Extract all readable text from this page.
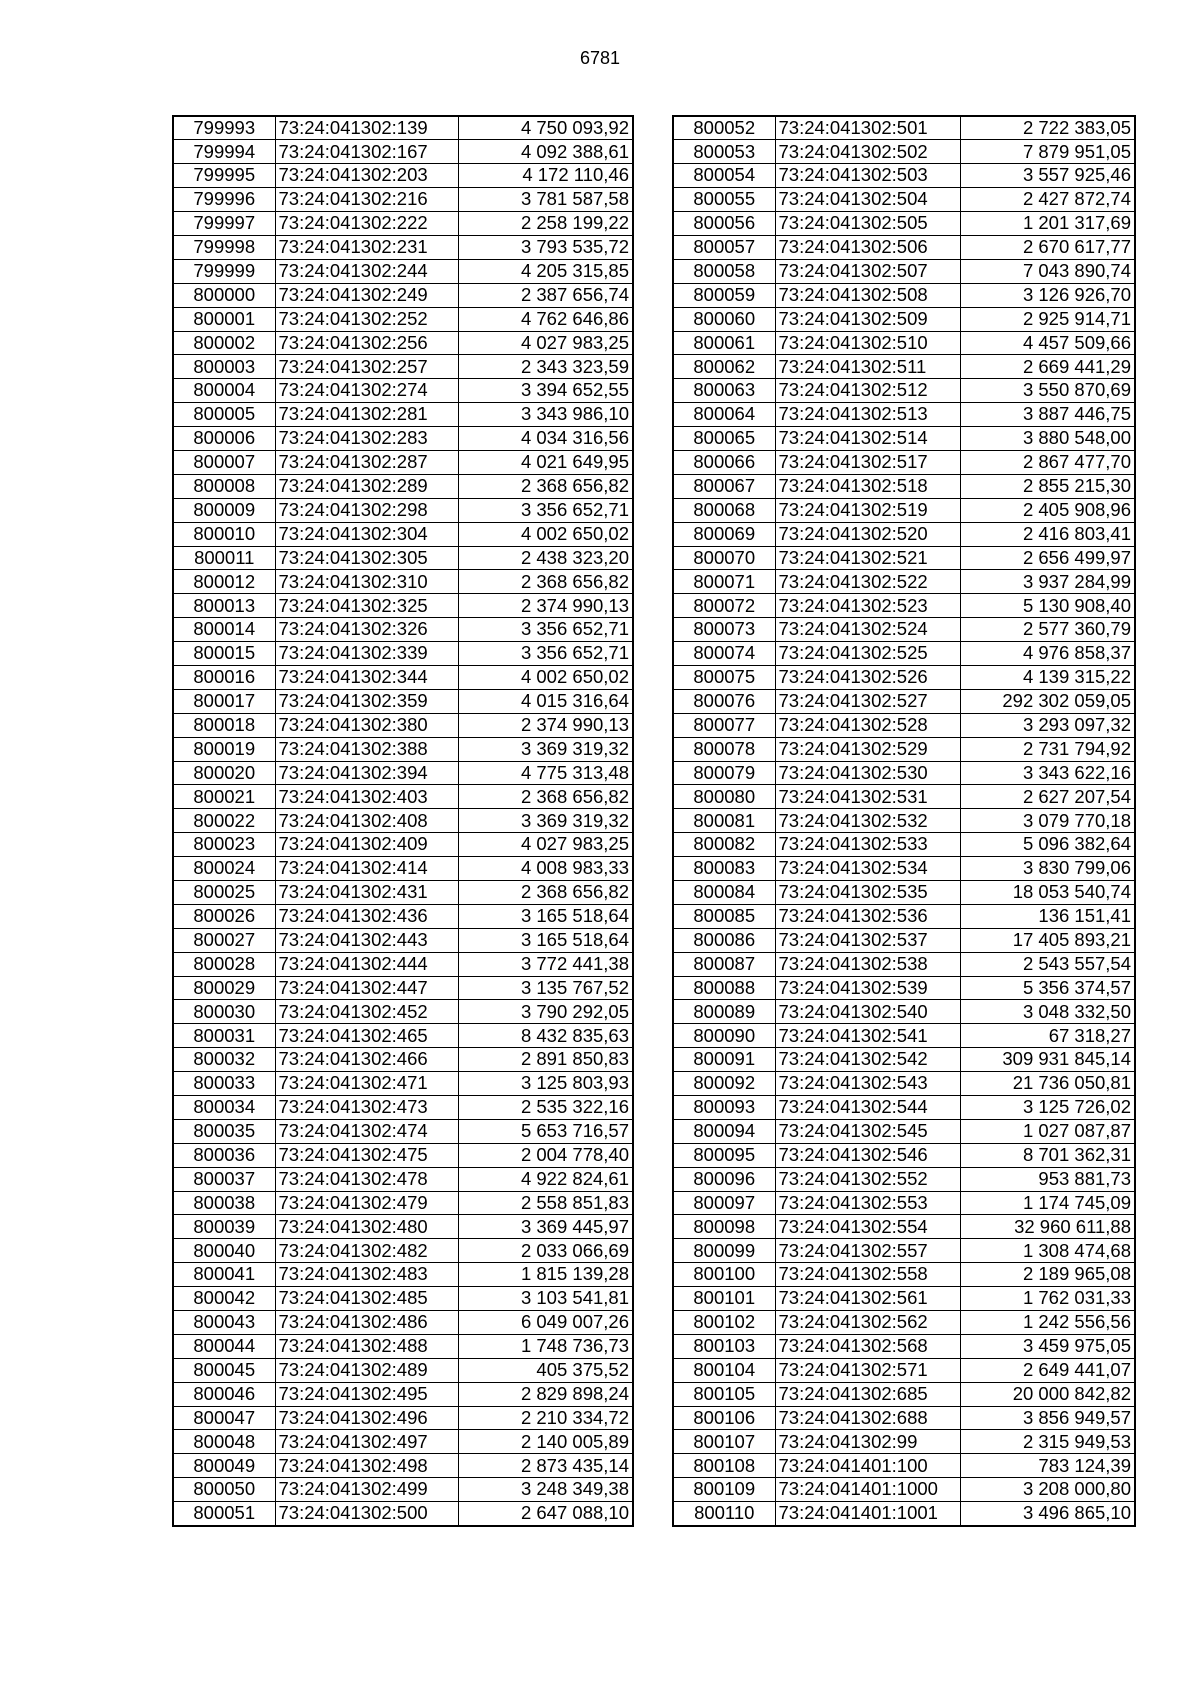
6781
799993	73:24:041302:139	4 750 093,92
799994	73:24:041302:167	4 092 388,61
799995	73:24:041302:203	4 172 110,46
799996	73:24:041302:216	3 781 587,58
799997	73:24:041302:222	2 258 199,22
799998	73:24:041302:231	3 793 535,72
799999	73:24:041302:244	4 205 315,85
800000	73:24:041302:249	2 387 656,74
800001	73:24:041302:252	4 762 646,86
800002	73:24:041302:256	4 027 983,25
800003	73:24:041302:257	2 343 323,59
800004	73:24:041302:274	3 394 652,55
800005	73:24:041302:281	3 343 986,10
800006	73:24:041302:283	4 034 316,56
800007	73:24:041302:287	4 021 649,95
800008	73:24:041302:289	2 368 656,82
800009	73:24:041302:298	3 356 652,71
800010	73:24:041302:304	4 002 650,02
800011	73:24:041302:305	2 438 323,20
800012	73:24:041302:310	2 368 656,82
800013	73:24:041302:325	2 374 990,13
800014	73:24:041302:326	3 356 652,71
800015	73:24:041302:339	3 356 652,71
800016	73:24:041302:344	4 002 650,02
800017	73:24:041302:359	4 015 316,64
800018	73:24:041302:380	2 374 990,13
800019	73:24:041302:388	3 369 319,32
800020	73:24:041302:394	4 775 313,48
800021	73:24:041302:403	2 368 656,82
800022	73:24:041302:408	3 369 319,32
800023	73:24:041302:409	4 027 983,25
800024	73:24:041302:414	4 008 983,33
800025	73:24:041302:431	2 368 656,82
800026	73:24:041302:436	3 165 518,64
800027	73:24:041302:443	3 165 518,64
800028	73:24:041302:444	3 772 441,38
800029	73:24:041302:447	3 135 767,52
800030	73:24:041302:452	3 790 292,05
800031	73:24:041302:465	8 432 835,63
800032	73:24:041302:466	2 891 850,83
800033	73:24:041302:471	3 125 803,93
800034	73:24:041302:473	2 535 322,16
800035	73:24:041302:474	5 653 716,57
800036	73:24:041302:475	2 004 778,40
800037	73:24:041302:478	4 922 824,61
800038	73:24:041302:479	2 558 851,83
800039	73:24:041302:480	3 369 445,97
800040	73:24:041302:482	2 033 066,69
800041	73:24:041302:483	1 815 139,28
800042	73:24:041302:485	3 103 541,81
800043	73:24:041302:486	6 049 007,26
800044	73:24:041302:488	1 748 736,73
800045	73:24:041302:489	405 375,52
800046	73:24:041302:495	2 829 898,24
800047	73:24:041302:496	2 210 334,72
800048	73:24:041302:497	2 140 005,89
800049	73:24:041302:498	2 873 435,14
800050	73:24:041302:499	3 248 349,38
800051	73:24:041302:500	2 647 088,10
800052	73:24:041302:501	2 722 383,05
800053	73:24:041302:502	7 879 951,05
800054	73:24:041302:503	3 557 925,46
800055	73:24:041302:504	2 427 872,74
800056	73:24:041302:505	1 201 317,69
800057	73:24:041302:506	2 670 617,77
800058	73:24:041302:507	7 043 890,74
800059	73:24:041302:508	3 126 926,70
800060	73:24:041302:509	2 925 914,71
800061	73:24:041302:510	4 457 509,66
800062	73:24:041302:511	2 669 441,29
800063	73:24:041302:512	3 550 870,69
800064	73:24:041302:513	3 887 446,75
800065	73:24:041302:514	3 880 548,00
800066	73:24:041302:517	2 867 477,70
800067	73:24:041302:518	2 855 215,30
800068	73:24:041302:519	2 405 908,96
800069	73:24:041302:520	2 416 803,41
800070	73:24:041302:521	2 656 499,97
800071	73:24:041302:522	3 937 284,99
800072	73:24:041302:523	5 130 908,40
800073	73:24:041302:524	2 577 360,79
800074	73:24:041302:525	4 976 858,37
800075	73:24:041302:526	4 139 315,22
800076	73:24:041302:527	292 302 059,05
800077	73:24:041302:528	3 293 097,32
800078	73:24:041302:529	2 731 794,92
800079	73:24:041302:530	3 343 622,16
800080	73:24:041302:531	2 627 207,54
800081	73:24:041302:532	3 079 770,18
800082	73:24:041302:533	5 096 382,64
800083	73:24:041302:534	3 830 799,06
800084	73:24:041302:535	18 053 540,74
800085	73:24:041302:536	136 151,41
800086	73:24:041302:537	17 405 893,21
800087	73:24:041302:538	2 543 557,54
800088	73:24:041302:539	5 356 374,57
800089	73:24:041302:540	3 048 332,50
800090	73:24:041302:541	67 318,27
800091	73:24:041302:542	309 931 845,14
800092	73:24:041302:543	21 736 050,81
800093	73:24:041302:544	3 125 726,02
800094	73:24:041302:545	1 027 087,87
800095	73:24:041302:546	8 701 362,31
800096	73:24:041302:552	953 881,73
800097	73:24:041302:553	1 174 745,09
800098	73:24:041302:554	32 960 611,88
800099	73:24:041302:557	1 308 474,68
800100	73:24:041302:558	2 189 965,08
800101	73:24:041302:561	1 762 031,33
800102	73:24:041302:562	1 242 556,56
800103	73:24:041302:568	3 459 975,05
800104	73:24:041302:571	2 649 441,07
800105	73:24:041302:685	20 000 842,82
800106	73:24:041302:688	3 856 949,57
800107	73:24:041302:99	2 315 949,53
800108	73:24:041401:100	783 124,39
800109	73:24:041401:1000	3 208 000,80
800110	73:24:041401:1001	3 496 865,10
